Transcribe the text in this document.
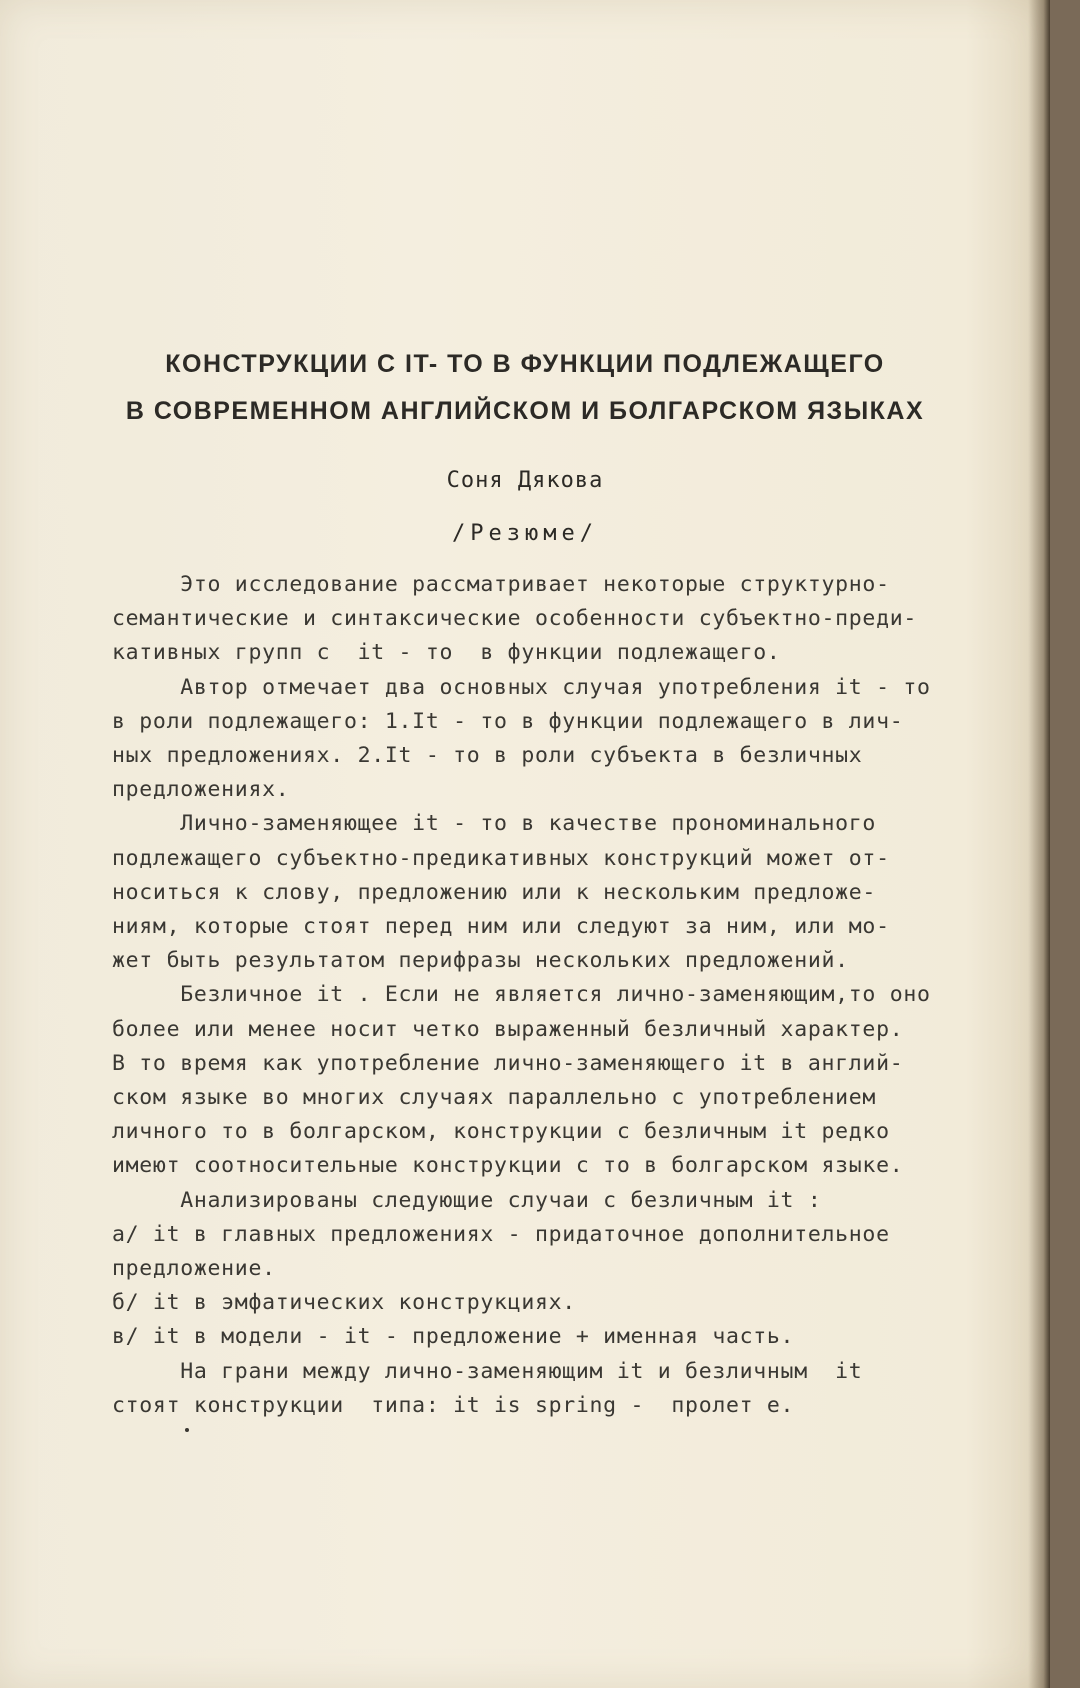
КОНСТРУКЦИИ С IT- ТО В ФУНКЦИИ ПОДЛЕЖАЩЕГО
В СОВРЕМЕННОМ АНГЛИЙСКОМ И БОЛГАРСКОМ ЯЗЫКАХ
Соня Дякова
/Резюме/
Это исследование рассматривает некоторые структурно-
семантические и синтаксические особенности субъектно-преди-
кативных групп с  it - то  в функции подлежащего.
Автор отмечает два основных случая употребления it - то
в роли подлежащего: 1.It - то в функции подлежащего в лич-
ных предложениях. 2.It - то в роли субъекта в безличных
предложениях.
Лично-заменяющее it - то в качестве прономинального
подлежащего субъектно-предикативных конструкций может от-
носиться к слову, предложению или к нескольким предложе-
ниям, которые стоят перед ним или следуют за ним, или мо-
жет быть результатом перифразы нескольких предложений.
Безличное it . Если не является лично-заменяющим,то оно
более или менее носит четко выраженный безличный характер.
В то время как употребление лично-заменяющего it в англий-
ском языке во многих случаях параллельно с употреблением
личного то в болгарском, конструкции с безличным it редко
имеют соотносительные конструкции с то в болгарском языке.
Анализированы следующие случаи с безличным it :
а/ it в главных предложениях - придаточное дополнительное
предложение.
б/ it в эмфатических конструкциях.
в/ it в модели - it - предложение + именная часть.
На грани между лично-заменяющим it и безличным  it
стоят конструкции  типа: it is spring -  пролет е.
